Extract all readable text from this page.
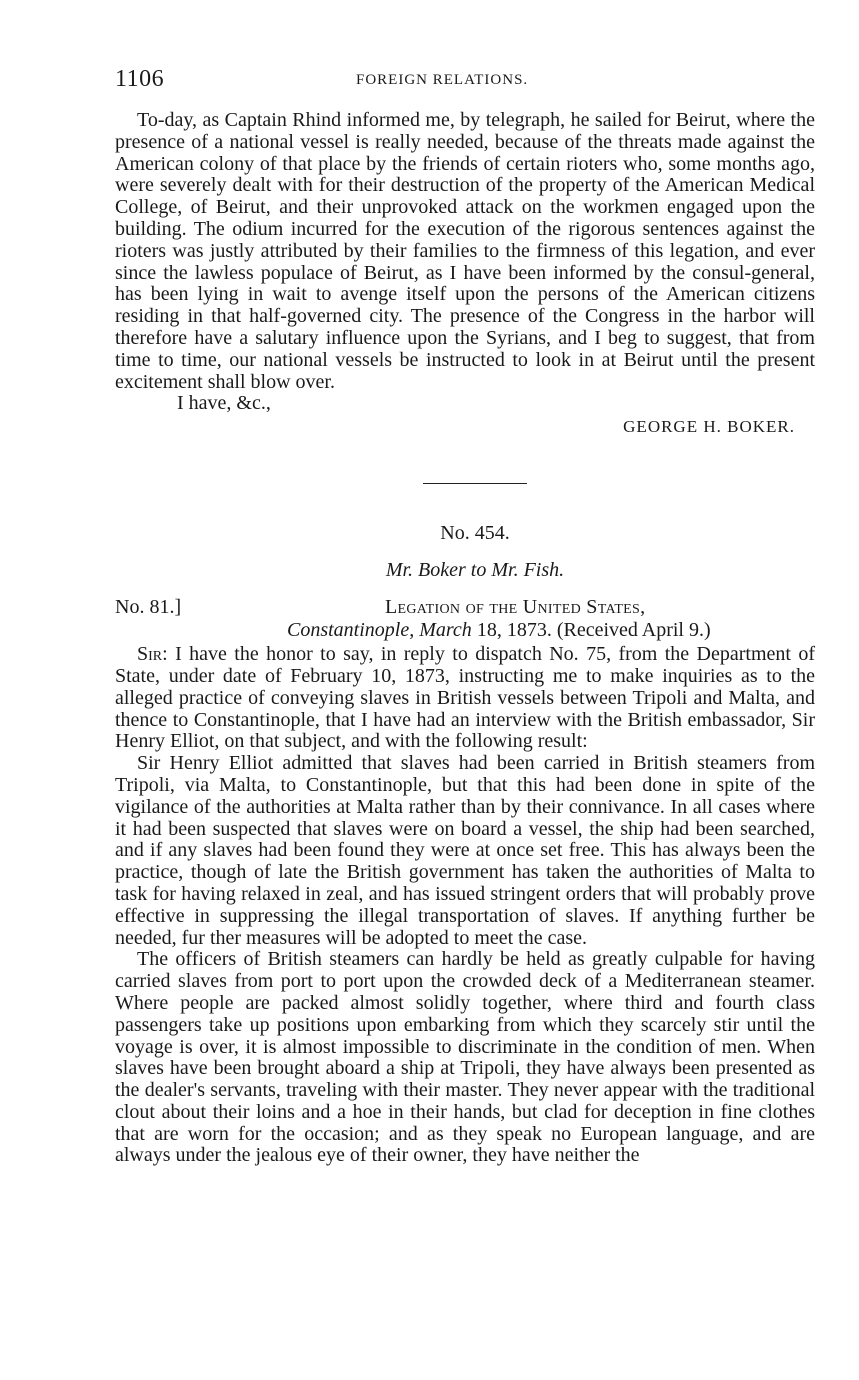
1106	FOREIGN RELATIONS.

To-day, as Captain Rhind informed me, by telegraph, he sailed for Beirut, where the presence of a national vessel is really needed, because of the threats made against the American colony of that place by the friends of certain rioters who, some months ago, were severely dealt with for their destruction of the property of the American Medical College, of Beirut, and their unprovoked attack on the workmen engaged upon the building. The odium incurred for the execution of the rigorous sentences against the rioters was justly attributed by their families to the firmness of this legation, and ever since the lawless populace of Beirut, as I have been informed by the consul-general, has been lying in wait to avenge itself upon the persons of the American citizens residing in that half-governed city. The presence of the Congress in the harbor will therefore have a salutary influence upon the Syrians, and I beg to suggest, that from time to time, our national vessels be instructed to look in at Beirut until the present excitement shall blow over.

I have, &c.,

GEORGE H. BOKER.

No. 454.
Mr. Boker to Mr. Fish.
No. 81.]	Legation of the United States,
Constantinople, March 18, 1873. (Received April 9.)

Sir: I have the honor to say, in reply to dispatch No. 75, from the Department of State, under date of February 10, 1873, instructing me to make inquiries as to the alleged practice of conveying slaves in British vessels between Tripoli and Malta, and thence to Constantinople, that I have had an interview with the British embassador, Sir Henry Elliot, on that subject, and with the following result:

Sir Henry Elliot admitted that slaves had been carried in British steamers from Tripoli, via Malta, to Constantinople, but that this had been done in spite of the vigilance of the authorities at Malta rather than by their connivance. In all cases where it had been suspected that slaves were on board a vessel, the ship had been searched, and if any slaves had been found they were at once set free. This has always been the practice, though of late the British government has taken the authorities of Malta to task for having relaxed in zeal, and has issued stringent orders that will probably prove effective in suppressing the illegal transportation of slaves. If anything further be needed, fur ther measures will be adopted to meet the case.

The officers of British steamers can hardly be held as greatly culpable for having carried slaves from port to port upon the crowded deck of a Mediterranean steamer. Where people are packed almost solidly together, where third and fourth class passengers take up positions upon embarking from which they scarcely stir until the voyage is over, it is almost impossible to discriminate in the condition of men. When slaves have been brought aboard a ship at Tripoli, they have always been presented as the dealer's servants, traveling with their master. They never appear with the traditional clout about their loins and a hoe in their hands, but clad for deception in fine clothes that are worn for the occasion; and as they speak no European language, and are always under the jealous eye of their owner, they have neither the
